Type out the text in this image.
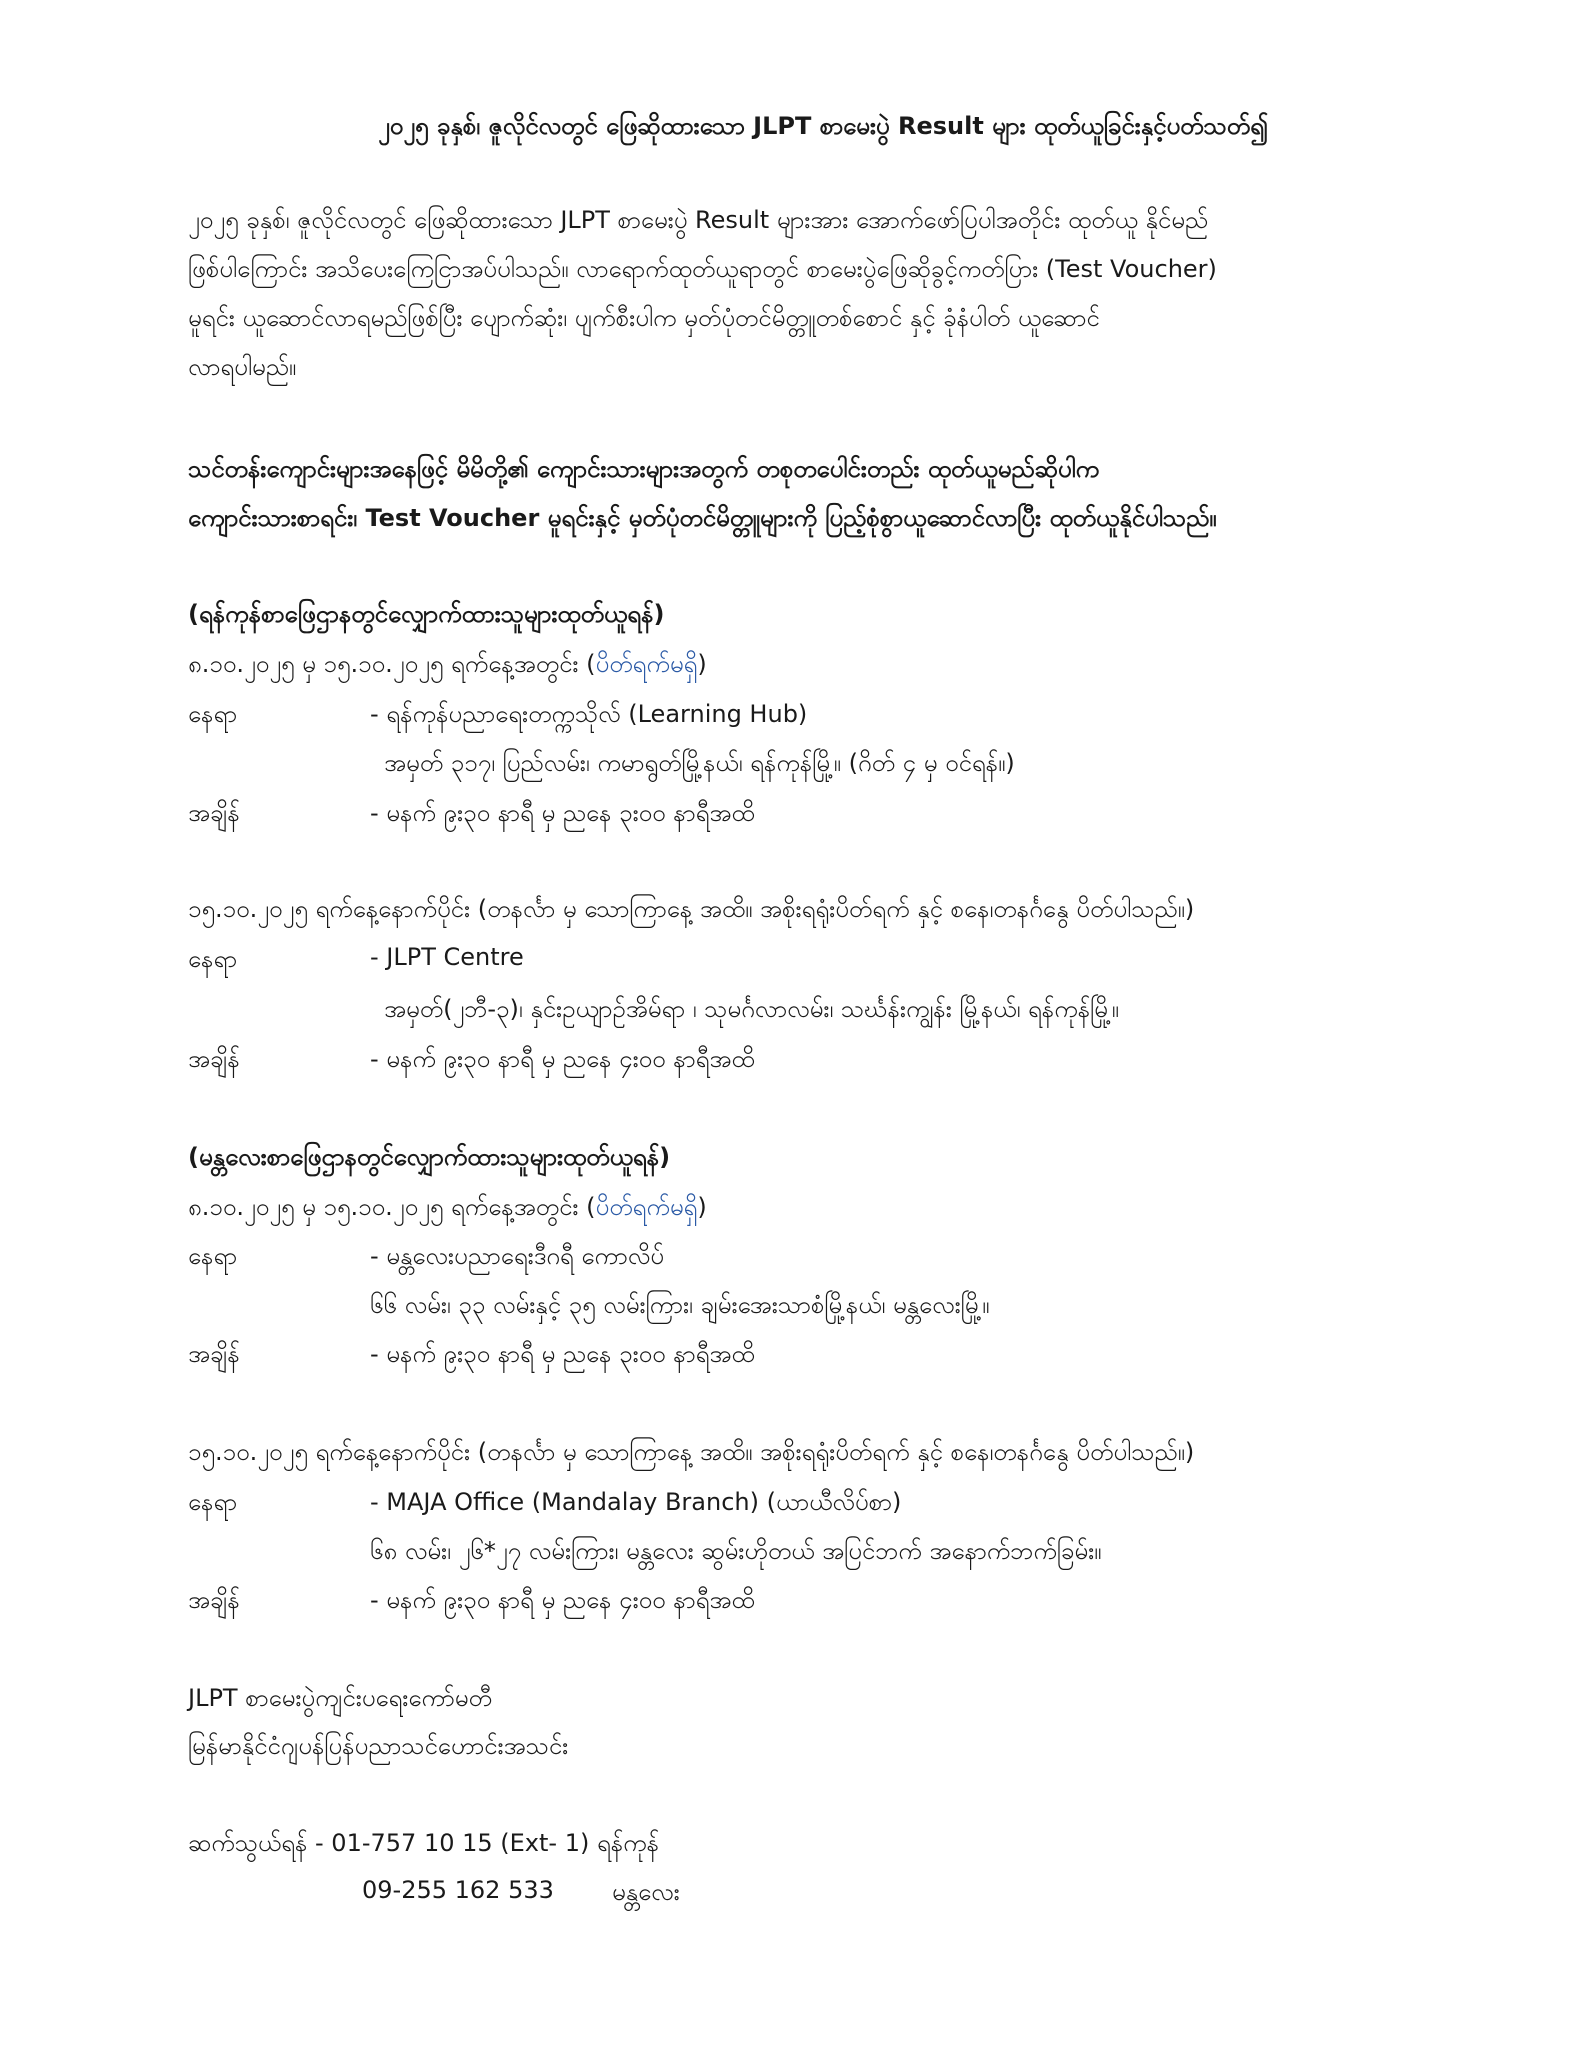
၂၀၂၅ ခုနှစ်၊ ဇူလိုင်လတွင် ဖြေဆိုထားသော JLPT စာမေးပွဲ Result များ ထုတ်ယူခြင်းနှင့်ပတ်သတ်၍
၂၀၂၅ ခုနှစ်၊ ဇူလိုင်လတွင် ဖြေဆိုထားသော JLPT စာမေးပွဲ Result များအား အောက်ဖော်ပြပါအတိုင်း ထုတ်ယူ နိုင်မည်
ဖြစ်ပါကြောင်း အသိပေးကြေငြာအပ်ပါသည်။ လာရောက်ထုတ်ယူရာတွင် စာမေးပွဲဖြေဆိုခွင့်ကတ်ပြား (Test Voucher)
မူရင်း ယူဆောင်လာရမည်ဖြစ်ပြီး ပျောက်ဆုံး၊ ပျက်စီးပါက မှတ်ပုံတင်မိတ္တူတစ်စောင် နှင့် ခုံနံပါတ် ယူဆောင်
လာရပါမည်။
သင်တန်းကျောင်းများအနေဖြင့် မိမိတို့၏ ကျောင်းသားများအတွက် တစုတပေါင်းတည်း ထုတ်ယူမည်ဆိုပါက
ကျောင်းသားစာရင်း၊ Test Voucher မူရင်းနှင့် မှတ်ပုံတင်မိတ္တူများကို ပြည့်စုံစွာယူဆောင်လာပြီး ထုတ်ယူနိုင်ပါသည်။
(ရန်ကုန်စာဖြေဌာနတွင်လျှောက်ထားသူများထုတ်ယူရန်)
၈.၁၀.၂၀၂၅ မှ ၁၅.၁၀.၂၀၂၅ ရက်နေ့အတွင်း (ပိတ်ရက်မရှိ)
နေရာ	- ရန်ကုန်ပညာရေးတက္ကသိုလ် (Learning Hub)
အမှတ် ၃၁၇၊ ပြည်လမ်း၊ ကမာရွတ်မြို့နယ်၊ ရန်ကုန်မြို့။ (ဂိတ် ၄ မှ ဝင်ရန်။)
အချိန်	- မနက် ၉း၃၀ နာရီ မှ ညနေ ၃း၀၀ နာရီအထိ
၁၅.၁၀.၂၀၂၅ ရက်နေ့နောက်ပိုင်း (တနင်္လာ မှ သောကြာနေ့ အထိ။ အစိုးရရုံးပိတ်ရက် နှင့် စနေ၊တနင်္ဂနွေ ပိတ်ပါသည်။)
နေရာ	- JLPT Centre
အမှတ်(၂ဘီ-၃)၊ နှင်းဥယျာဥ်အိမ်ရာ ၊ သုမင်္ဂလာလမ်း၊ သင်္ဃန်းကျွန်း မြို့နယ်၊ ရန်ကုန်မြို့။
အချိန်	- မနက် ၉း၃၀ နာရီ မှ ညနေ ၄း၀၀ နာရီအထိ
(မန္တလေးစာဖြေဌာနတွင်လျှောက်ထားသူများထုတ်ယူရန်)
၈.၁၀.၂၀၂၅ မှ ၁၅.၁၀.၂၀၂၅ ရက်နေ့အတွင်း (ပိတ်ရက်မရှိ)
နေရာ	- မန္တလေးပညာရေးဒီဂရီ ကောလိပ်
၆၆ လမ်း၊ ၃၃ လမ်းနှင့် ၃၅ လမ်းကြား၊ ချမ်းအေးသာစံမြို့နယ်၊ မန္တလေးမြို့။
အချိန်	- မနက် ၉း၃၀ နာရီ မှ ညနေ ၃း၀၀ နာရီအထိ
၁၅.၁၀.၂၀၂၅ ရက်နေ့နောက်ပိုင်း (တနင်္လာ မှ သောကြာနေ့ အထိ။ အစိုးရရုံးပိတ်ရက် နှင့် စနေ၊တနင်္ဂနွေ ပိတ်ပါသည်။)
နေရာ	- MAJA Office (Mandalay Branch) (ယာယီလိပ်စာ)
၆၈ လမ်း၊ ၂၆*၂၇ လမ်းကြား၊ မန္တလေး ဆွမ်းဟိုတယ် အပြင်ဘက် အနောက်ဘက်ခြမ်း။
အချိန်	- မနက် ၉း၃၀ နာရီ မှ ညနေ ၄း၀၀ နာရီအထိ
JLPT စာမေးပွဲကျင်းပရေးကော်မတီ
မြန်မာနိုင်ငံဂျပန်ပြန်ပညာသင်ဟောင်းအသင်း
ဆက်သွယ်ရန် - 01-757 10 15 (Ext- 1) ရန်ကုန်
09-255 162 533 မန္တလေး
